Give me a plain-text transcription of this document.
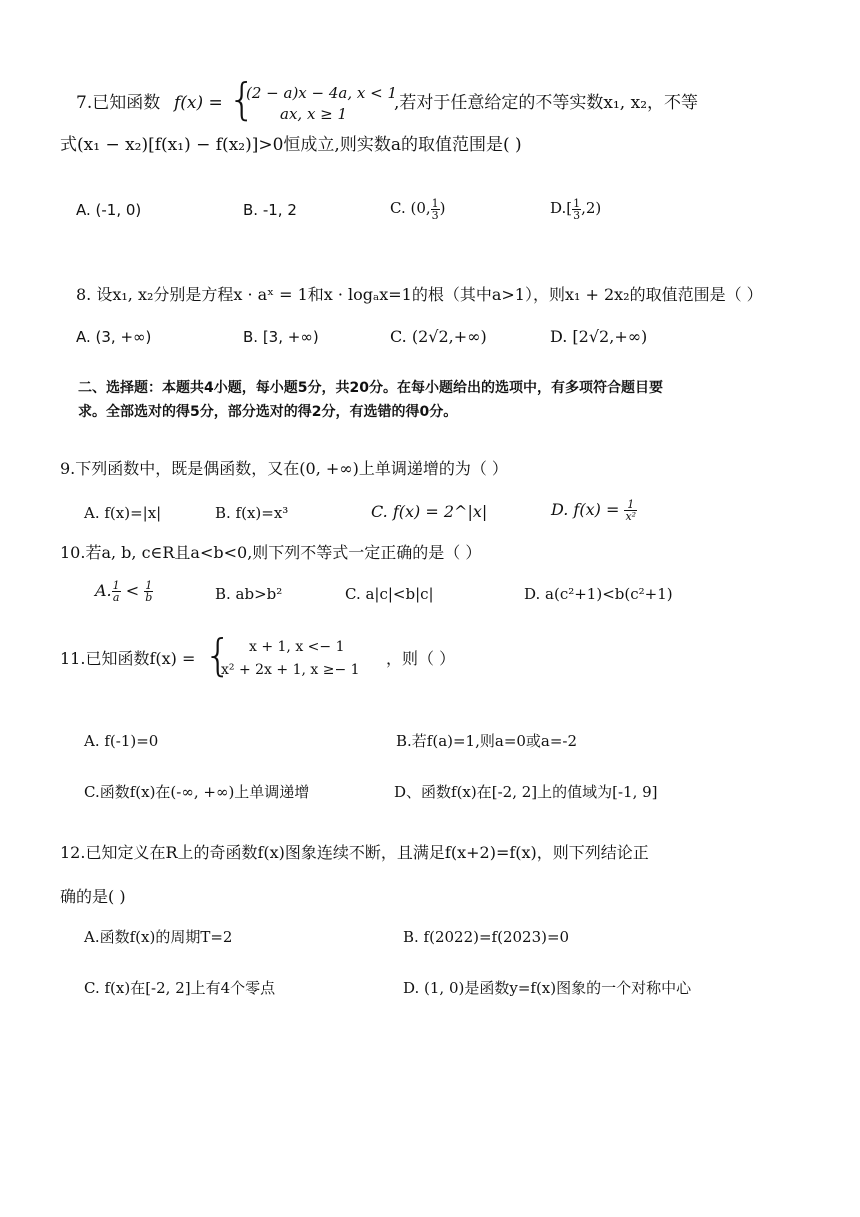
7.已知函数 f(x) = {
(2 − a)x − 4a, x < 1
ax, x ≥ 1
,若对于任意给定的不等实数x₁, x₂，不等
式(x₁ − x₂)[f(x₁) − f(x₂)]>0恒成立,则实数a的取值范围是( )
A. (-1, 0)	B. -1, 2	C. (0, $\frac{1}{3}$ )	$D.[ \frac{1}{3} ,2)$
8. 设x₁, x₂分别是方程x · aˣ = 1和x · logₐx=1的根（其中a>1），则x₁ + 2x₂的取值范围是（ ）
A. (3, +∞)	B. [3, +∞)	C. (2√2,+∞)	D. [2√2,+∞)
二、选择题：本题共4小题，每小题5分，共20分。在每小题给出的选项中，有多项符合题目要
求。全部选对的得5分，部分选对的得2分，有选错的得0分。
9.下列函数中，既是偶函数，又在(0, +∞)上单调递增的为（ ）
A. f(x)=|x|	B. f(x)=x³	C. f(x) = 2^|x|	D. $f(x) = \frac{1}{\text{x²}}$
10.若a, b, c∈R且a<b<0,则下列不等式一定正确的是（ ）
A. $\frac{1}{a} < \frac{1}{b}$	B. ab>b²	C. a|c|<b|c|	D. a(c²+1)<b(c²+1)
11.已知函数f(x) = { x + 1, x <− 1
x² + 2x + 1, x ≥− 1
，则（ ）
A. f(-1)=0	B.若f(a)=1,则a=0或a=-2
C.函数f(x)在(-∞, +∞)上单调递增	D、函数f(x)在[-2, 2]上的值域为[-1, 9]
12.已知定义在R上的奇函数f(x)图象连续不断，且满足f(x+2)=f(x)，则下列结论正
确的是( )
A.函数f(x)的周期T=2	B. f(2022)=f(2023)=0
C. f(x)在[-2, 2]上有4个零点	D. (1, 0)是函数y=f(x)图象的一个对称中心
